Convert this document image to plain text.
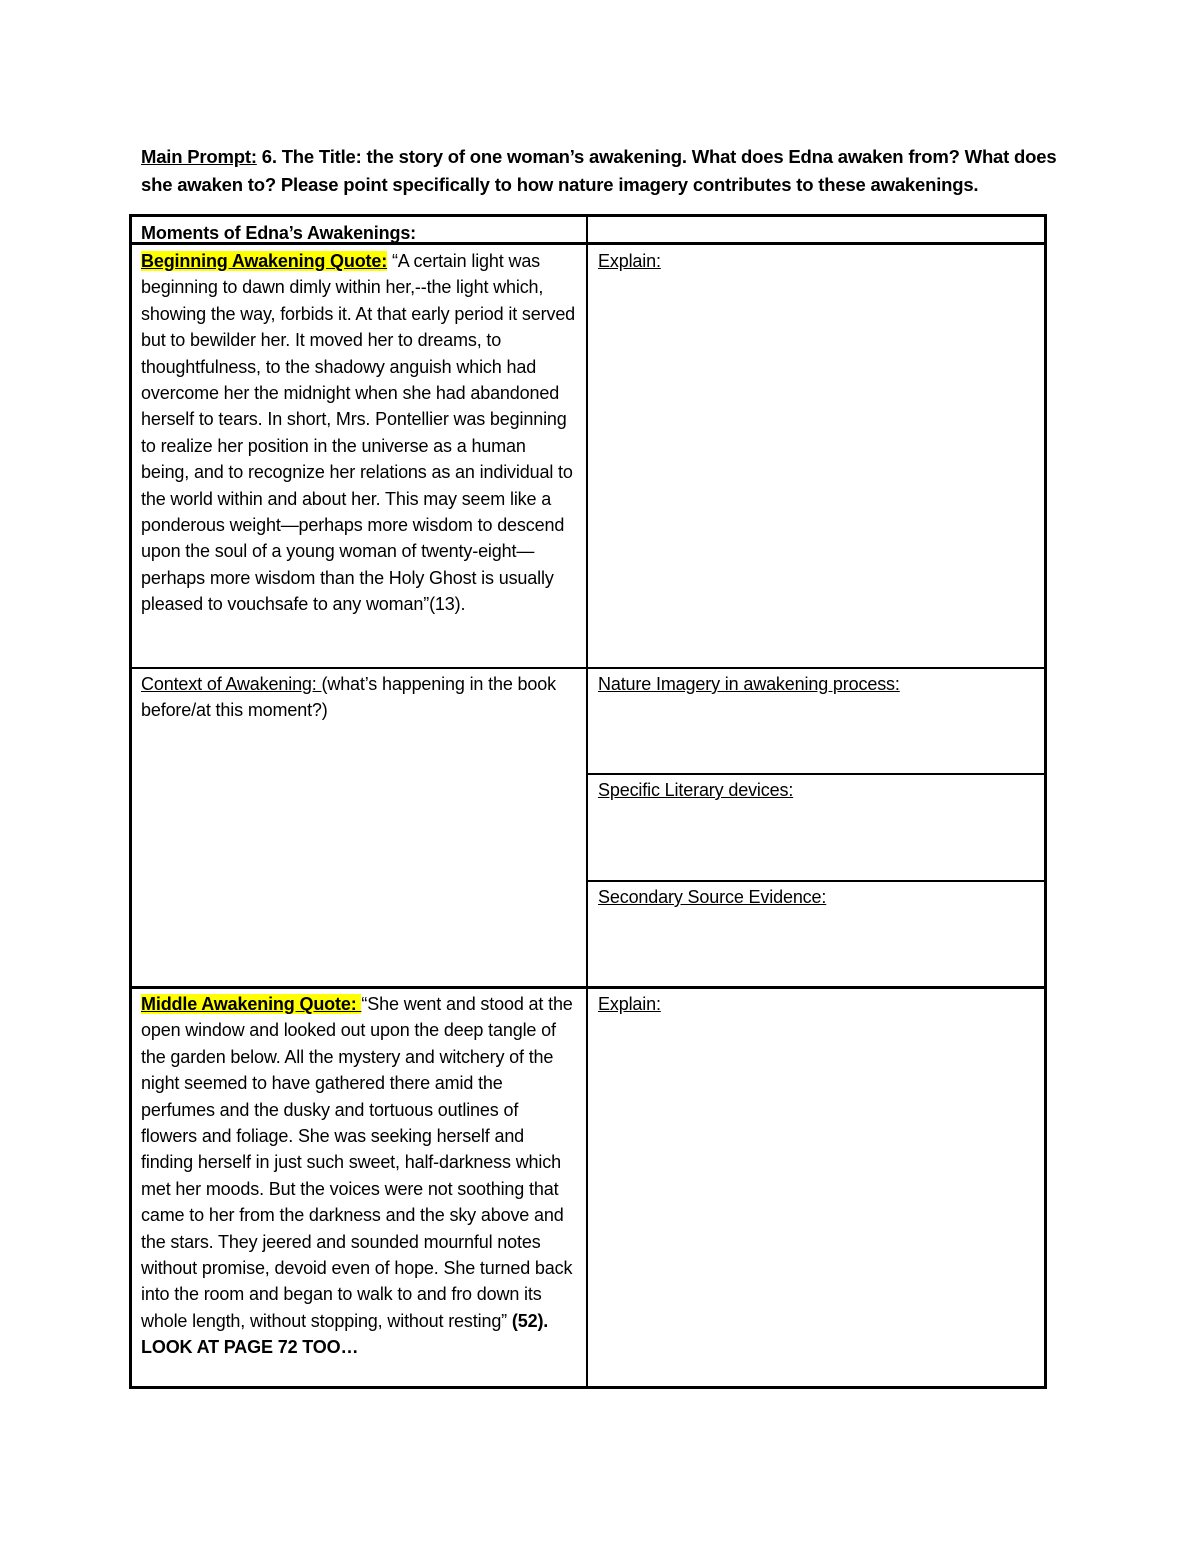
Main Prompt: 6. The Title: the story of one woman’s awakening. What does Edna awaken from? What does she awaken to? Please point specifically to how nature imagery contributes to these awakenings.
Moments of Edna’s Awakenings:
Beginning Awakening Quote: “A certain light was beginning to dawn dimly within her,--the light which, showing the way, forbids it. At that early period it served but to bewilder her. It moved her to dreams, to thoughtfulness, to the shadowy anguish which had overcome her the midnight when she had abandoned herself to tears. In short, Mrs. Pontellier was beginning to realize her position in the universe as a human being, and to recognize her relations as an individual to the world within and about her. This may seem like a ponderous weight—perhaps more wisdom to descend upon the soul of a young woman of twenty-eight—perhaps more wisdom than the Holy Ghost is usually pleased to vouchsafe to any woman”(13).
Explain:
Context of Awakening: (what’s happening in the book before/at this moment?)
Nature Imagery in awakening process:
Specific Literary devices:
Secondary Source Evidence:
Middle Awakening Quote: “She went and stood at the open window and looked out upon the deep tangle of the garden below. All the mystery and witchery of the night seemed to have gathered there amid the perfumes and the dusky and tortuous outlines of flowers and foliage. She was seeking herself and finding herself in just such sweet, half-darkness which met her moods. But the voices were not soothing that came to her from the darkness and the sky above and the stars. They jeered and sounded mournful notes without promise, devoid even of hope. She turned back into the room and began to walk to and fro down its whole length, without stopping, without resting” (52). LOOK AT PAGE 72 TOO…
Explain:
